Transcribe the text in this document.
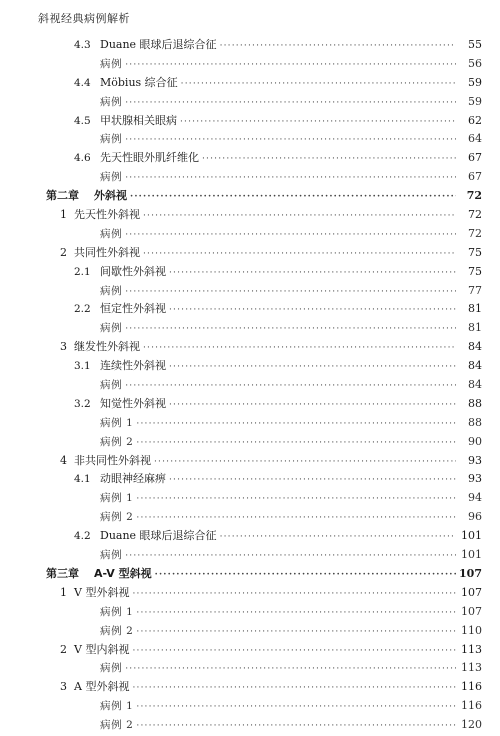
斜视经典病例解析
4.3 Duane 眼球后退综合征 ·····	55
病例 ·····	56
4.4 Möbius 综合征 ·····	59
病例 ·····	59
4.5 甲状腺相关眼病 ·····	62
病例 ·····	64
4.6 先天性眼外肌纤维化 ·····	67
病例 ·····	67
第二章	外斜视 ·····	72
1 先天性外斜视 ·····	72
病例 ·····	72
2 共同性外斜视 ·····	75
2.1 间歇性外斜视 ·····	75
病例 ·····	77
2.2 恒定性外斜视 ·····	81
病例 ·····	81
3 继发性外斜视 ·····	84
3.1 连续性外斜视 ·····	84
病例 ·····	84
3.2 知觉性外斜视 ·····	88
病例 1 ·····	88
病例 2 ·····	90
4 非共同性外斜视 ·····	93
4.1 动眼神经麻痹 ·····	93
病例 1 ·····	94
病例 2 ·····	96
4.2 Duane 眼球后退综合征 ·····	101
病例 ·····	101
第三章	A-V 型斜视 ·····	107
1 V 型外斜视 ·····	107
病例 1 ·····	107
病例 2 ·····	110
2 V 型内斜视 ·····	113
病例 ·····	113
3 A 型外斜视 ·····	116
病例 1 ·····	116
病例 2 ·····	120
